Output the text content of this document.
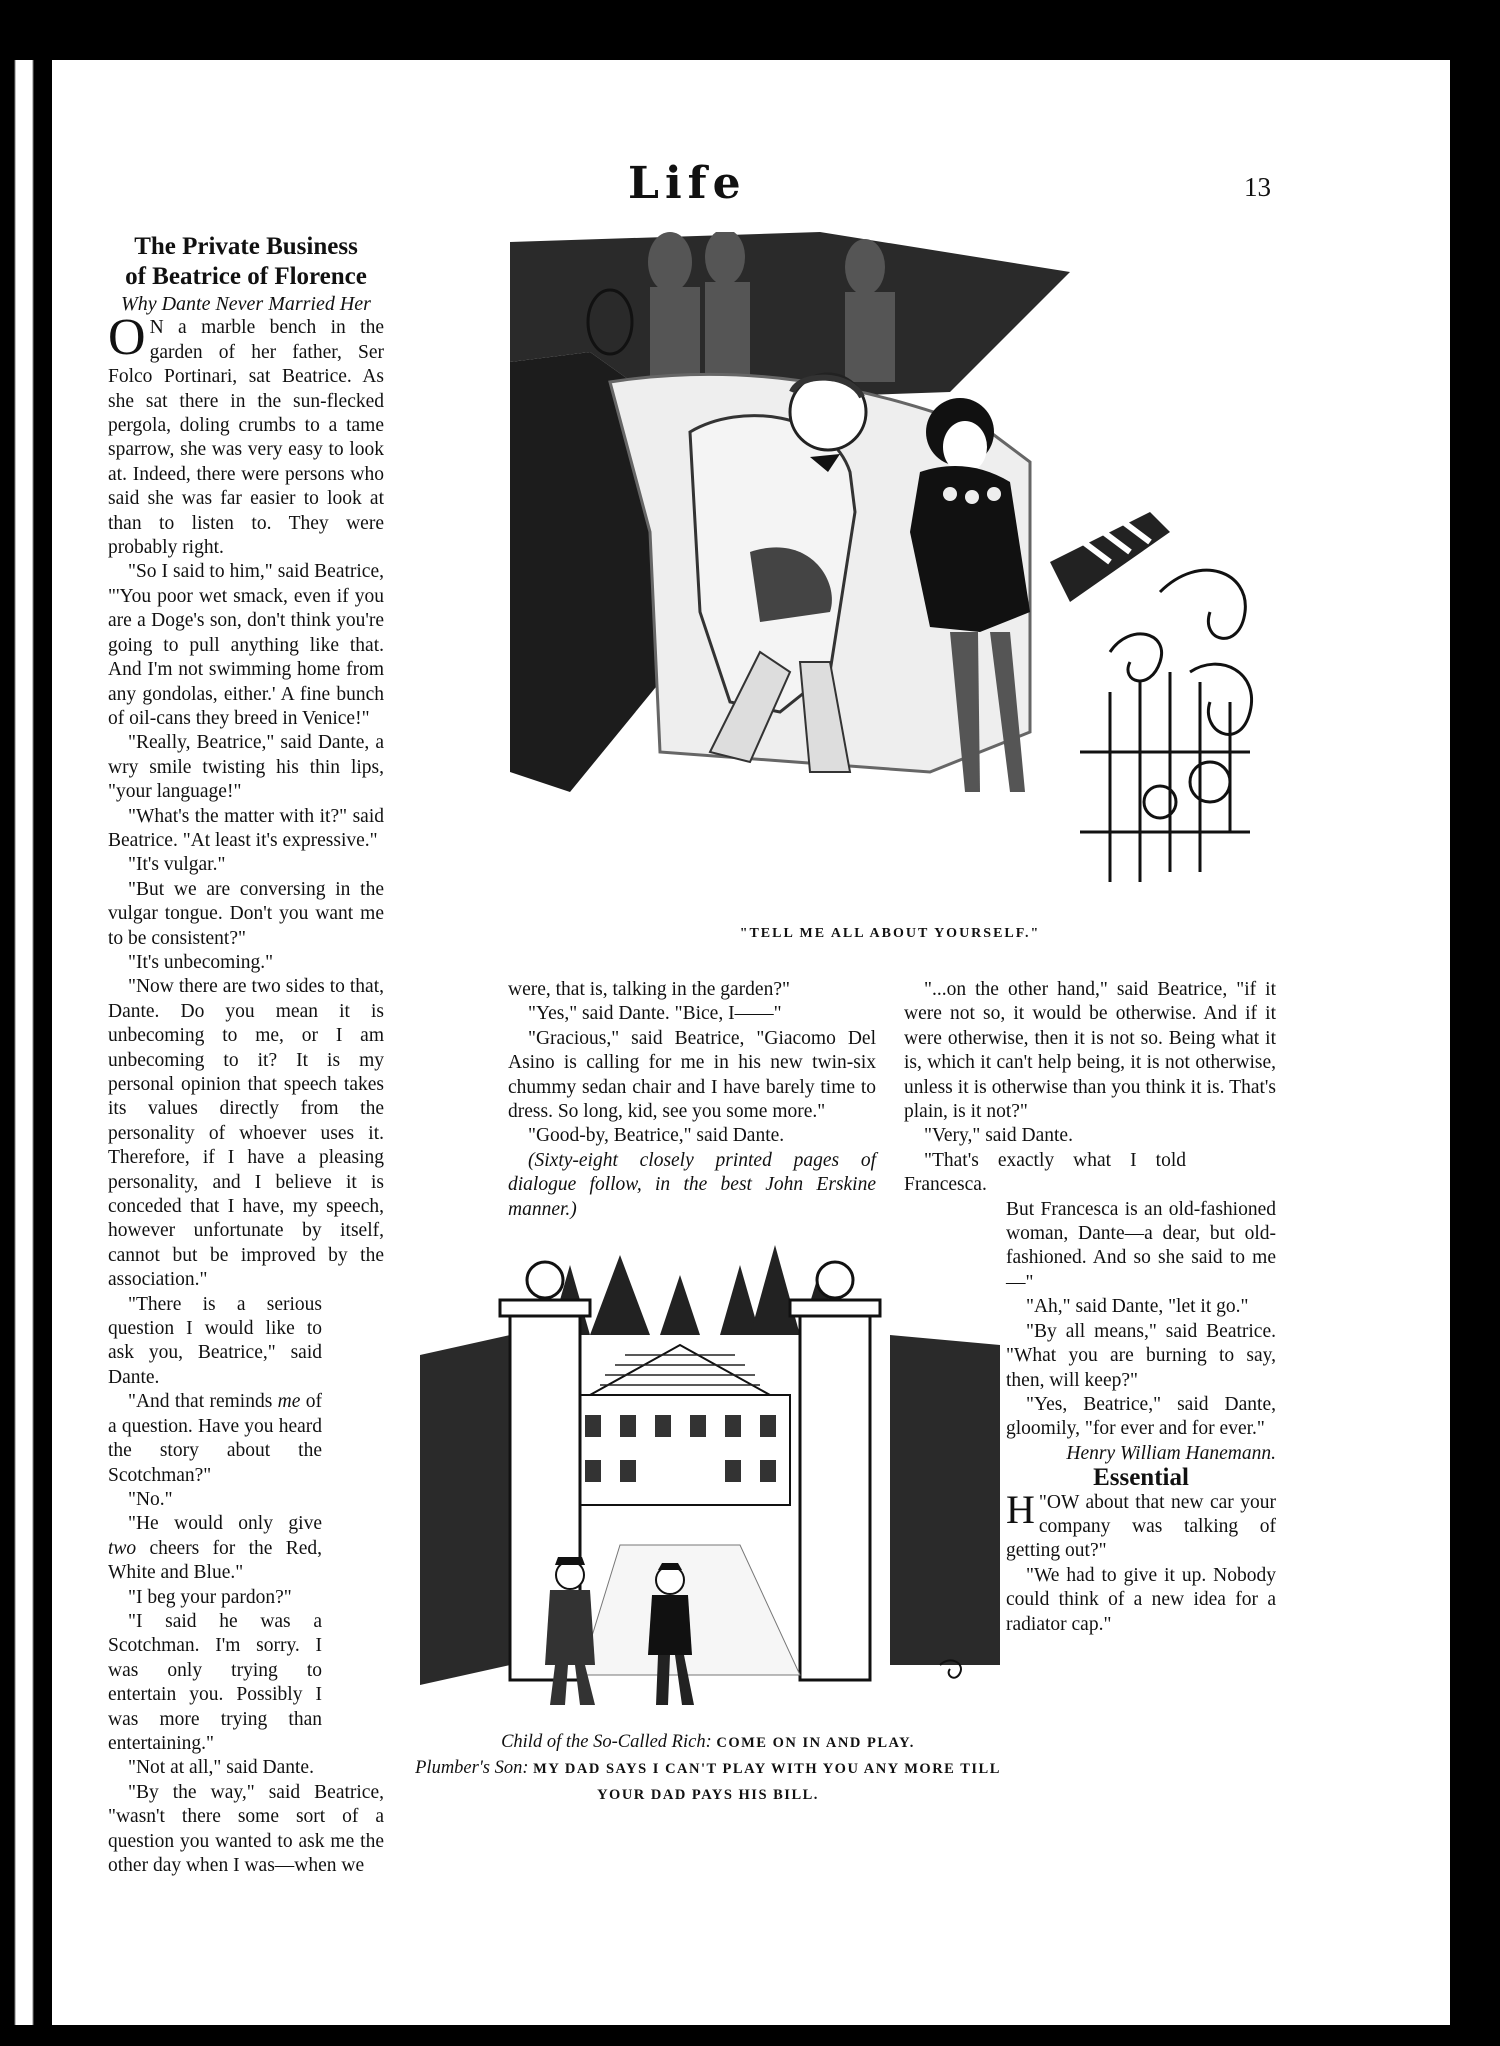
Life	13

The Private Business

of Beatrice of Florence

Why Dante Never Married Her

O N a marble bench in the garden of her father, Ser Folco Portinari, sat Beatrice. As she sat there in the sun-flecked pergola, doling crumbs to a tame sparrow, she was very easy to look at. Indeed, there were persons who said she was far easier to look at than to listen to. They were probably right.

"So I said to him," said Beatrice, "'You poor wet smack, even if you are a Doge's son, don't think you're going to pull anything like that. And I'm not swimming home from any gondolas, either.' A fine bunch of oil-cans they breed in Venice!"

"Really, Beatrice," said Dante, a wry smile twisting his thin lips, "your language!"

"What's the matter with it?" said Beatrice. "At least it's expressive."

"It's vulgar."

"But we are conversing in the vulgar tongue. Don't you want me to be consistent?"

"It's unbecoming."

"Now there are two sides to that, Dante. Do you mean it is unbecoming to me, or I am unbecoming to it? It is my personal opinion that speech takes its values directly from the personality of whoever uses it. Therefore, if I have a pleasing personality, and I believe it is conceded that I have, my speech, however unfortunate by itself, cannot but be improved by the association."

"There is a serious question I would like to ask you, Beatrice," said Dante.

"And that reminds me of a question. Have you heard the story about the Scotchman?"

"No."

"He would only give two cheers for the Red, White and Blue."

"I beg your pardon?"

"I said he was a Scotchman. I'm sorry. I was only trying to entertain you. Possibly I was more trying than entertaining."

"Not at all," said Dante.

"By the way," said Beatrice, "wasn't there some sort of a question you wanted to ask me the other day when I was—when we

"TELL ME ALL ABOUT YOURSELF."

were, that is, talking in the garden?"

"Yes," said Dante. "Bice, I——"

"Gracious," said Beatrice, "Giacomo Del Asino is calling for me in his new twin-six chummy sedan chair and I have barely time to dress. So long, kid, see you some more."

"Good-by, Beatrice," said Dante.

(Sixty-eight closely printed pages of dialogue follow, in the best John Erskine manner.)

"...on the other hand," said Beatrice, "if it were not so, it would be otherwise. And if it were otherwise, then it is not so. Being what it is, which it can't help being, it is not otherwise, unless it is otherwise than you think it is. That's plain, is it not?"

"Very," said Dante.

"That's exactly what I told Francesca.

But Francesca is an old-fashioned woman, Dante—a dear, but old-fashioned. And so she said to me—"

"Ah," said Dante, "let it go."

"By all means," said Beatrice. "What you are burning to say, then, will keep?"

"Yes, Beatrice," said Dante, gloomily, "for ever and for ever."

Henry William Hanemann.

Essential

"
H OW about that new car your company was talking of getting out?"

"We had to give it up. Nobody could think of a new idea for a radiator cap."

Child of the So-Called Rich: COME ON IN AND PLAY.
Plumber's Son: MY DAD SAYS I CAN'T PLAY WITH YOU ANY MORE TILL YOUR DAD PAYS HIS BILL.
comicbooks.com
